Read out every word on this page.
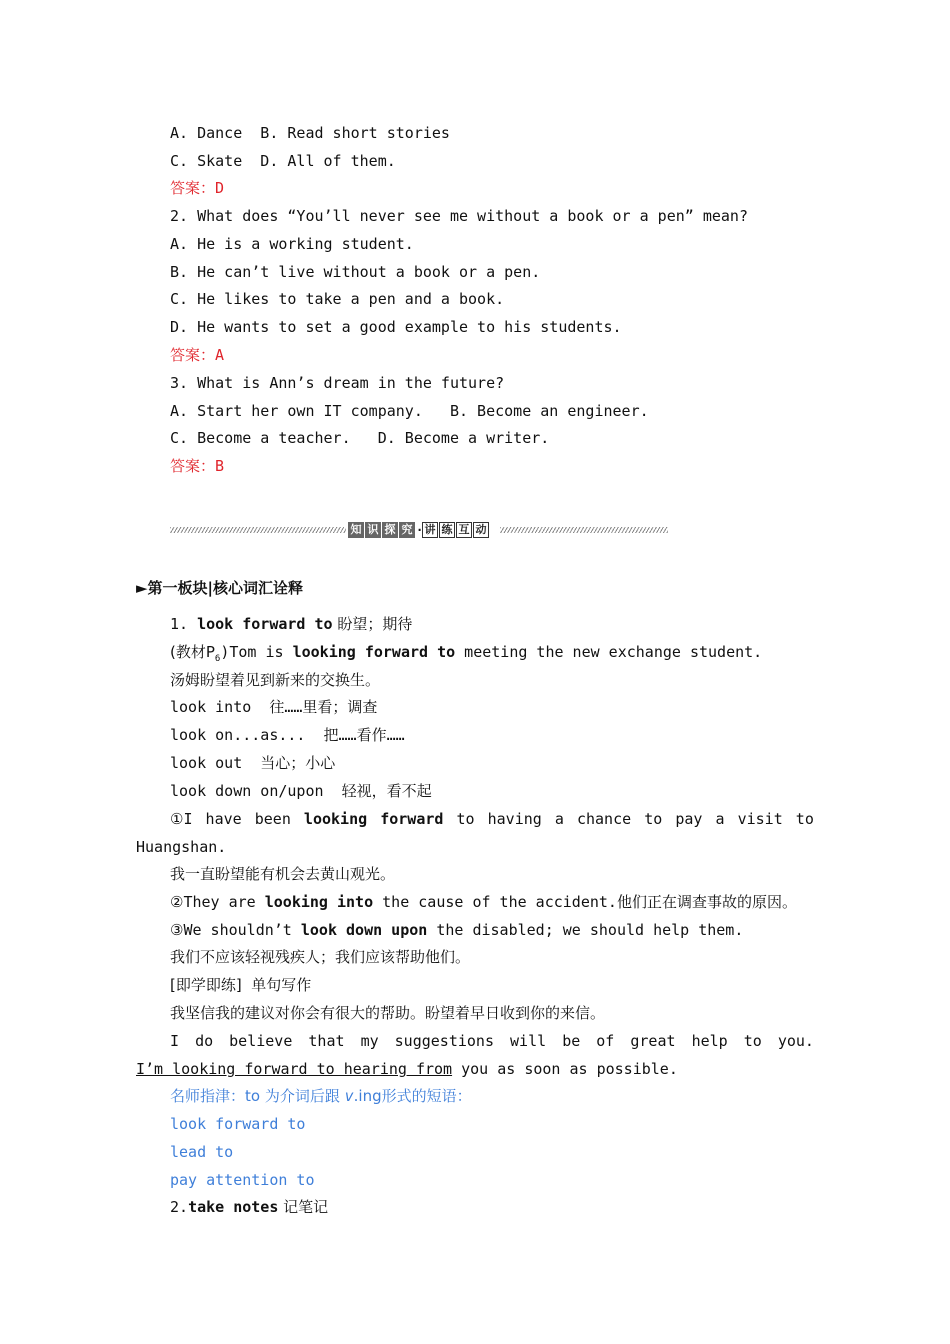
A. Dance  B. Read short stories
C. Skate  D. All of them.
答案：D
2. What does “You’ll never see me without a book or a pen” mean?
A. He is a working student.
B. He can’t live without a book or a pen.
C. He likes to take a pen and a book.
D. He wants to set a good example to his students.
答案：A
3. What is Ann’s dream in the future?
A. Start her own IT company.   B. Become an engineer.
C. Become a teacher.   D. Become a writer.
答案：B
知 识 探 究 · 讲 练 互 动
►第一板块|核心词汇诠释
1. look forward to 盼望；期待
(教材$P_6)Tom$ is looking forward to meeting the new exchange student.
汤姆盼望着见到新来的交换生。
look into  往……里看；调查
look on...as...  把……看作……
look out  当心；小心
look down on/upon  轻视，看不起
①I have been looking forward to having a chance to pay a visit to
Huangshan.
我一直盼望能有机会去黄山观光。
②They are looking into the cause of the accident.他们正在调查事故的原因。
③We shouldn’t look down upon the disabled; we should help them.
我们不应该轻视残疾人；我们应该帮助他们。
[即学即练]  单句写作
我坚信我的建议对你会有很大的帮助。盼望着早日收到你的来信。
I do believe that my suggestions will be of great help to you.
I’m looking forward to hearing from you as soon as possible.
名师指津：to 为介词后跟 v.ing形式的短语：
look forward to
lead to
pay attention to
2.take notes 记笔记
